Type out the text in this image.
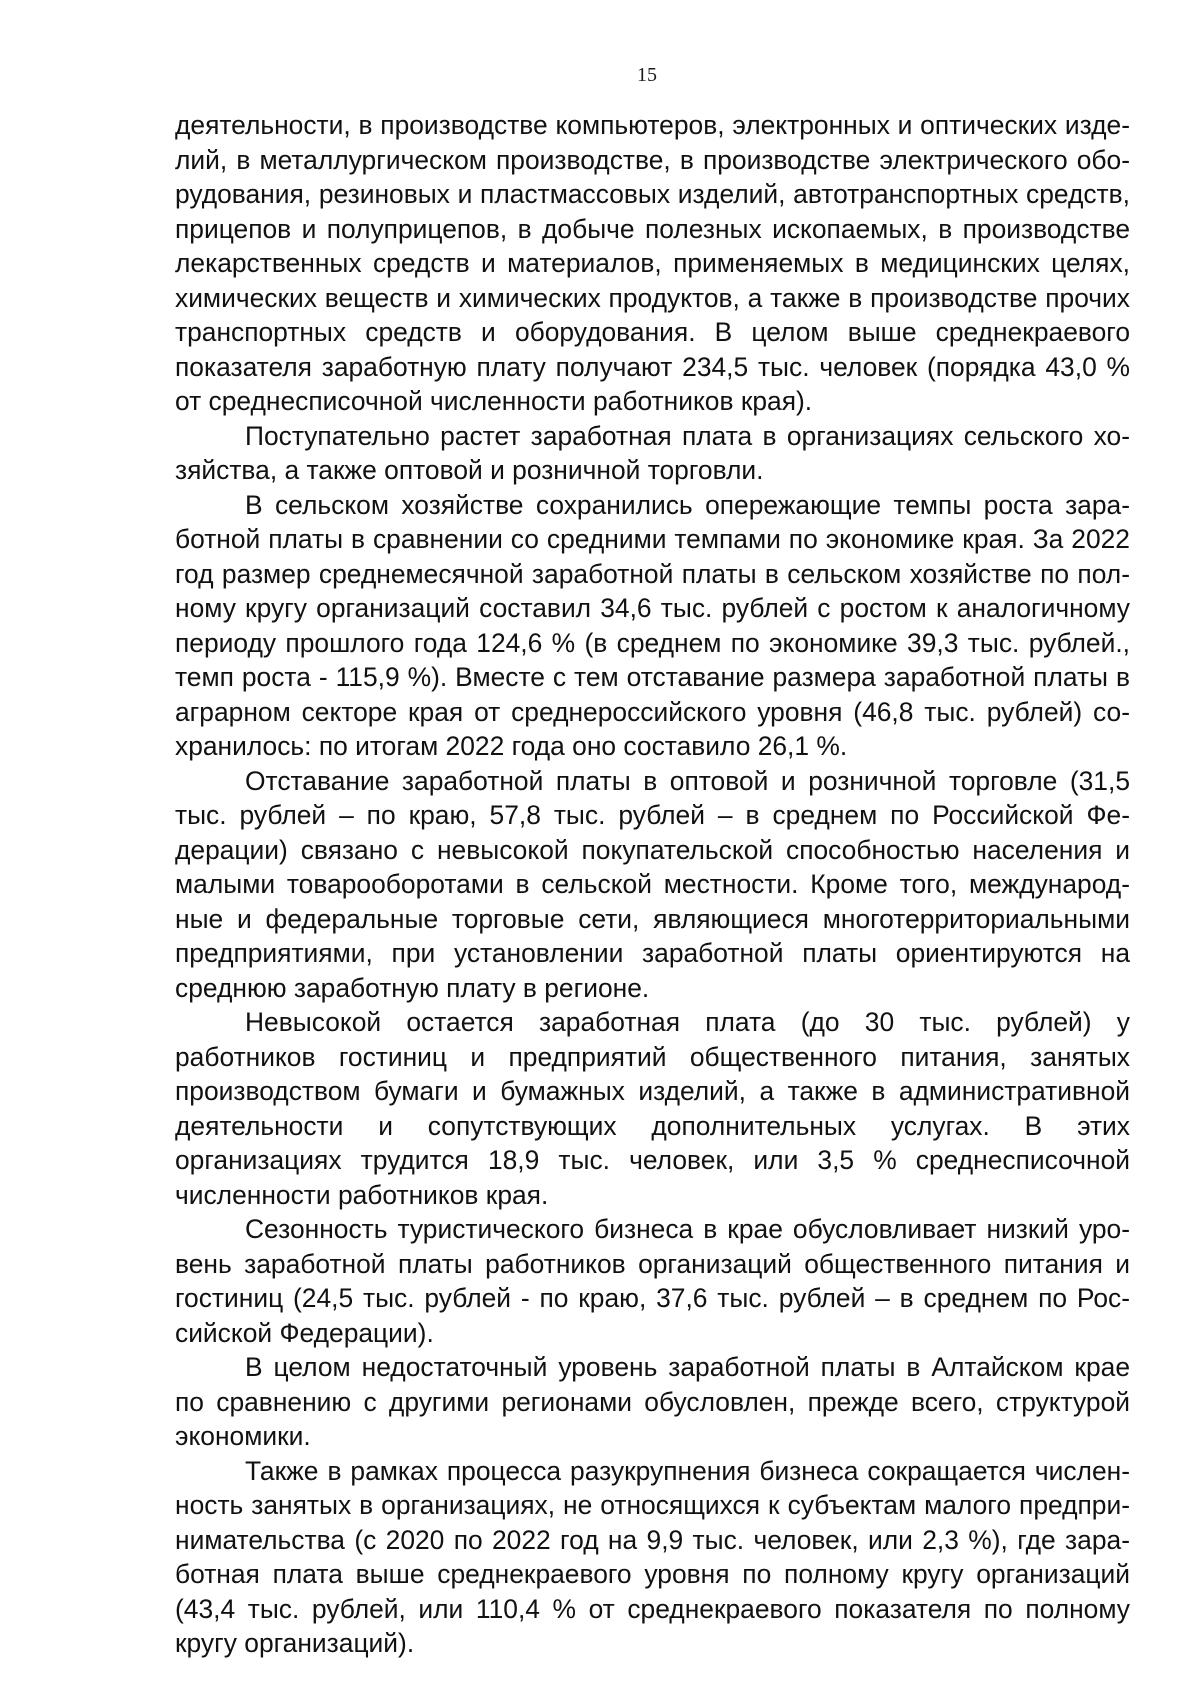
15

деятельности, в производстве компьютеров, электронных и оптических изделий, в металлургическом производстве, в производстве электрического оборудования, резиновых и пластмассовых изделий, автотранспортных средств, прицепов и полуприцепов, в добыче полезных ископаемых, в производстве лекарственных средств и материалов, применяемых в медицинских целях, химических веществ и химических продуктов, а также в производстве прочих транспортных средств и оборудования. В целом выше среднекраевого показателя заработную плату получают 234,5 тыс. человек (порядка 43,0 % от среднесписочной численности работников края).

Поступательно растет заработная плата в организациях сельского хозяйства, а также оптовой и розничной торговли.

В сельском хозяйстве сохранились опережающие темпы роста заработной платы в сравнении со средними темпами по экономике края. За 2022 год размер среднемесячной заработной платы в сельском хозяйстве по полному кругу организаций составил 34,6 тыс. рублей с ростом к аналогичному периоду прошлого года 124,6 % (в среднем по экономике 39,3 тыс. рублей., темп роста - 115,9 %). Вместе с тем отставание размера заработной платы в аграрном секторе края от среднероссийского уровня (46,8 тыс. рублей) сохранилось: по итогам 2022 года оно составило 26,1 %.

Отставание заработной платы в оптовой и розничной торговле (31,5 тыс. рублей – по краю, 57,8 тыс. рублей – в среднем по Российской Федерации) связано с невысокой покупательской способностью населения и малыми товарооборотами в сельской местности. Кроме того, международные и федеральные торговые сети, являющиеся многотерриториальными предприятиями, при установлении заработной платы ориентируются на среднюю заработную плату в регионе.

Невысокой остается заработная плата (до 30 тыс. рублей) у работников гостиниц и предприятий общественного питания, занятых производством бумаги и бумажных изделий, а также в административной деятельности и сопутствующих дополнительных услугах. В этих организациях трудится 18,9 тыс. человек, или 3,5 % среднесписочной численности работников края.

Сезонность туристического бизнеса в крае обусловливает низкий уровень заработной платы работников организаций общественного питания и гостиниц (24,5 тыс. рублей - по краю, 37,6 тыс. рублей – в среднем по Российской Федерации).

В целом недостаточный уровень заработной платы в Алтайском крае по сравнению с другими регионами обусловлен, прежде всего, структурой экономики.

Также в рамках процесса разукрупнения бизнеса сокращается численность занятых в организациях, не относящихся к субъектам малого предпринимательства (с 2020 по 2022 год на 9,9 тыс. человек, или 2,3 %), где заработная плата выше среднекраевого уровня по полному кругу организаций (43,4 тыс. рублей, или 110,4 % от среднекраевого показателя по полному кругу организаций).
